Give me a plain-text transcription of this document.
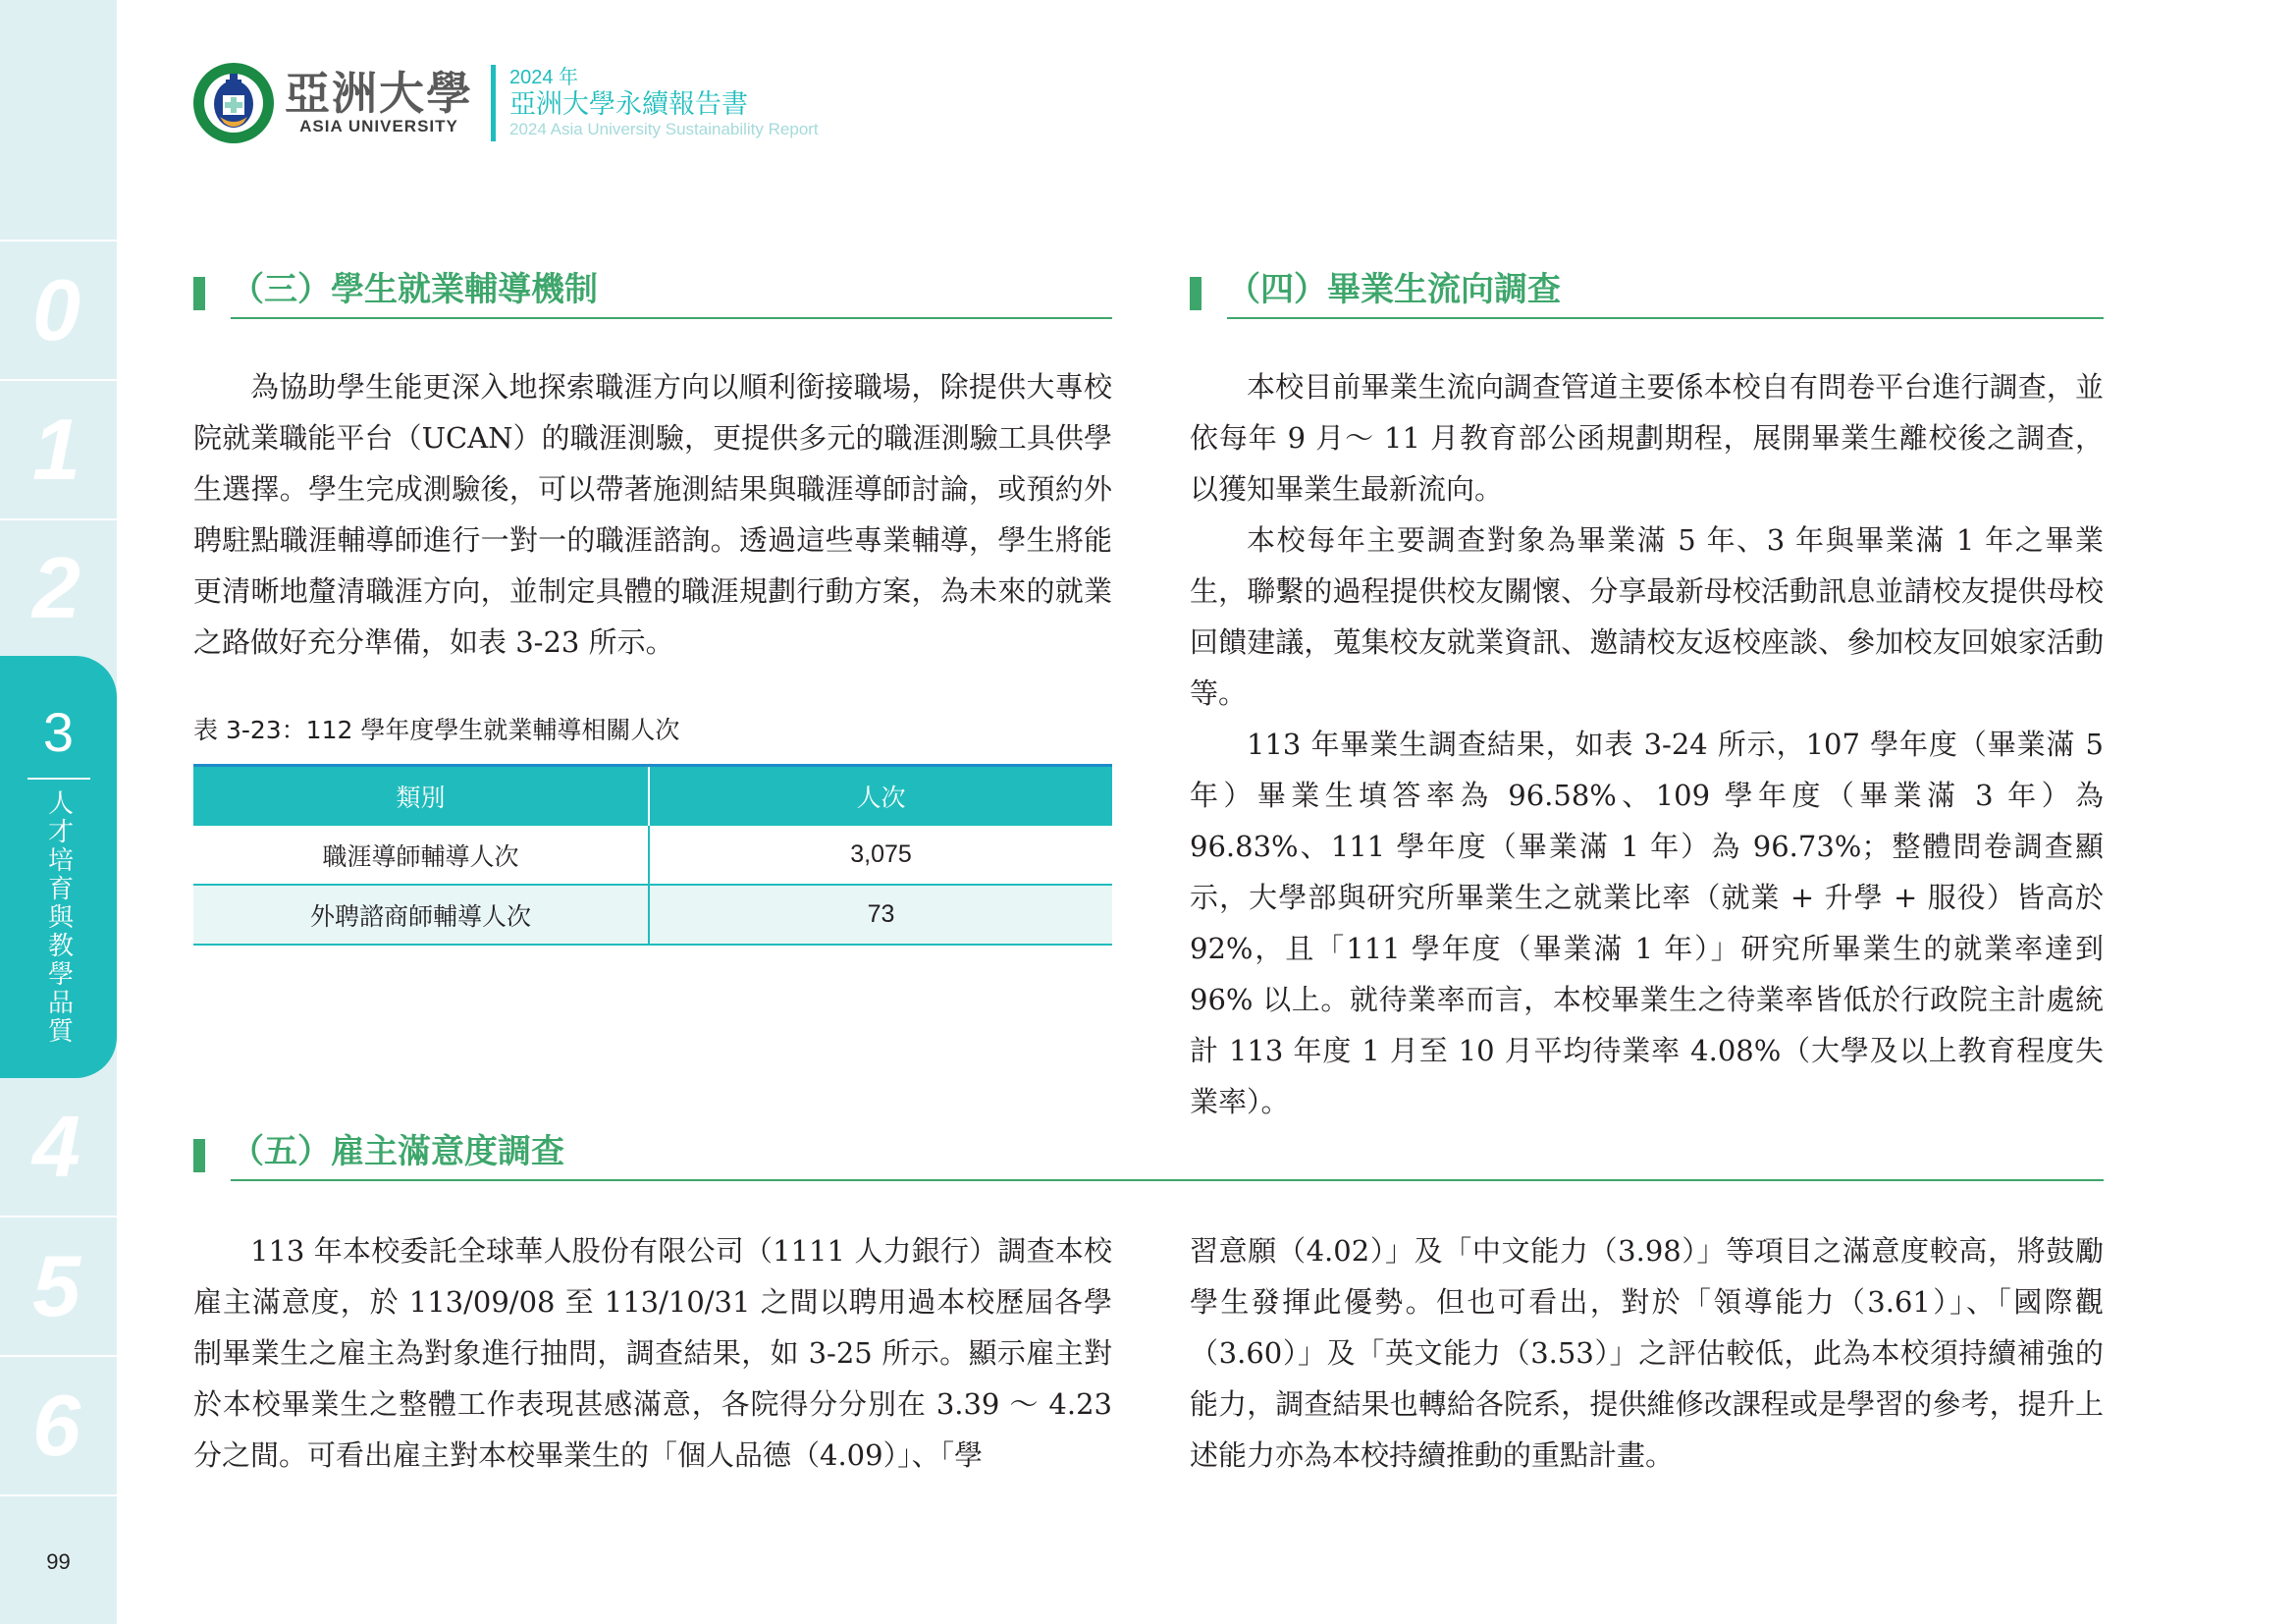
0
1
2
3
人才培育與教學品質
4
5
6
99
亞洲大學
ASIA UNIVERSITY
2024 年
亞洲大學永續報告書
2024 Asia University Sustainability Report
（三）學生就業輔導機制

為協助學生能更深入地探索職涯方向以順利銜接職場，除提供大專校院就業職能平台（UCAN）的職涯測驗，更提供多元的職涯測驗工具供學生選擇。學生完成測驗後，可以帶著施測結果與職涯導師討論，或預約外聘駐點職涯輔導師進行一對一的職涯諮詢。透過這些專業輔導，學生將能更清晰地釐清職涯方向，並制定具體的職涯規劃行動方案，為未來的就業之路做好充分準備，如表 3-23 所示。

表 3-23：112 學年度學生就業輔導相關人次
類別	人次
職涯導師輔導人次	3,075
外聘諮商師輔導人次	73
（四）畢業生流向調查

本校目前畢業生流向調查管道主要係本校自有問卷平台進行調查，並依每年 9 月～ 11 月教育部公函規劃期程，展開畢業生離校後之調查，以獲知畢業生最新流向。

本校每年主要調查對象為畢業滿 5 年、3 年與畢業滿 1 年之畢業生，聯繫的過程提供校友關懷、分享最新母校活動訊息並請校友提供母校回饋建議，蒐集校友就業資訊、邀請校友返校座談、參加校友回娘家活動等。

113 年畢業生調查結果，如表 3-24 所示，107 學年度（畢業滿 5 年）畢業生填答率為 96.58%、109 學年度（畢業滿 3 年）為 96.83%、111 學年度（畢業滿 1 年）為 96.73%；整體問卷調查顯示，大學部與研究所畢業生之就業比率（就業 + 升學 + 服役）皆高於 92%，且「111 學年度（畢業滿 1 年）」研究所畢業生的就業率達到 96% 以上。就待業率而言，本校畢業生之待業率皆低於行政院主計處統計 113 年度 1 月至 10 月平均待業率 4.08%（大學及以上教育程度失業率）。

（五）雇主滿意度調查

113 年本校委託全球華人股份有限公司（1111 人力銀行）調查本校雇主滿意度，於 113/09/08 至 113/10/31 之間以聘用過本校歷屆各學制畢業生之雇主為對象進行抽問，調查結果，如 3-25 所示。顯示雇主對於本校畢業生之整體工作表現甚感滿意，各院得分分別在 3.39 ～ 4.23 分之間。可看出雇主對本校畢業生的「個人品德（4.09）」、「學

習意願（4.02）」及「中文能力（3.98）」等項目之滿意度較高，將鼓勵學生發揮此優勢。但也可看出，對於「領導能力（3.61）」、「國際觀（3.60）」及「英文能力（3.53）」之評估較低，此為本校須持續補強的能力，調查結果也轉給各院系，提供維修改課程或是學習的參考，提升上述能力亦為本校持續推動的重點計畫。
